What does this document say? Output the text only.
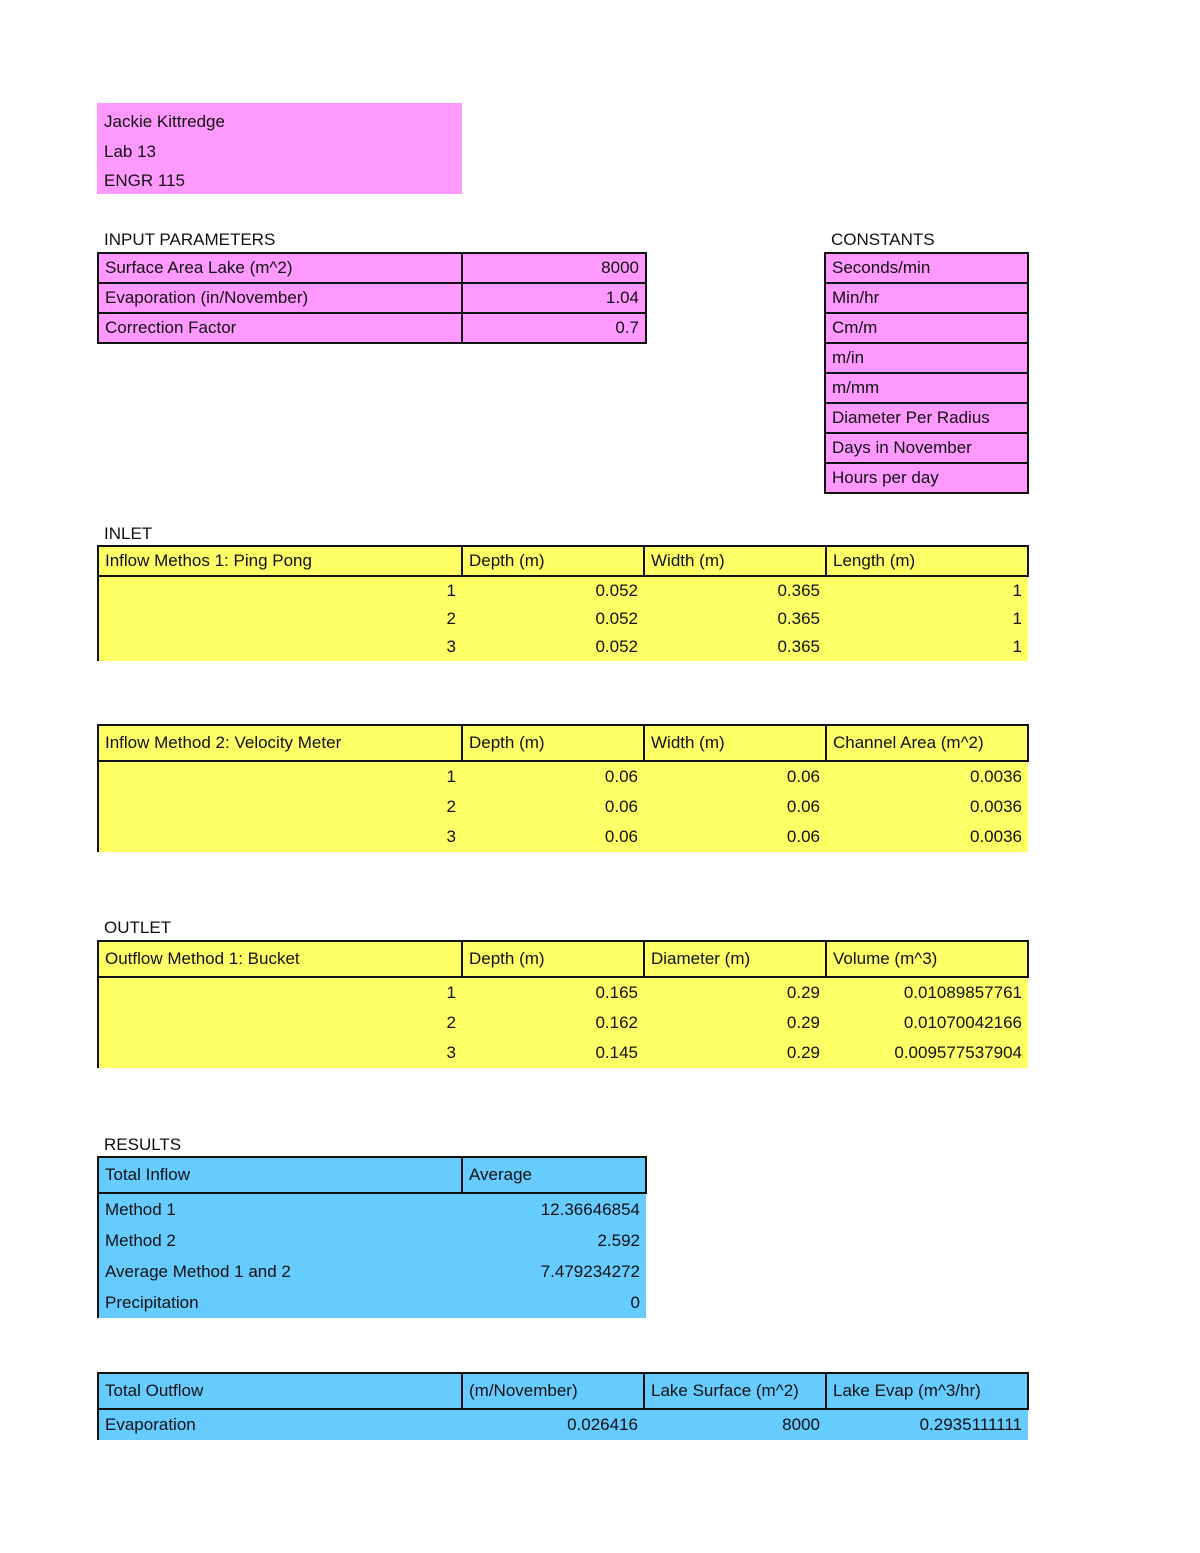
Jackie Kittredge
Lab 13
ENGR 115
INPUT PARAMETERS
Surface Area Lake (m^2)	8000
Evaporation (in/November)	1.04
Correction Factor	0.7
CONSTANTS
Seconds/min
Min/hr
Cm/m
m/in
m/mm
Diameter Per Radius
Days in November
Hours per day
INLET
Inflow Methos 1: Ping Pong	Depth (m)	Width (m)	Length (m)
1	0.052	0.365	1
2	0.052	0.365	1
3	0.052	0.365	1
Inflow Method 2: Velocity Meter	Depth (m)	Width (m)	Channel Area (m^2)
1	0.06	0.06	0.0036
2	0.06	0.06	0.0036
3	0.06	0.06	0.0036
OUTLET
Outflow Method 1: Bucket	Depth (m)	Diameter (m)	Volume (m^3)
1	0.165	0.29	0.01089857761
2	0.162	0.29	0.01070042166
3	0.145	0.29	0.009577537904
RESULTS
Total Inflow	Average
Method 1	12.36646854
Method 2	2.592
Average Method 1 and 2	7.479234272
Precipitation	0
Total Outflow	(m/November)	Lake Surface (m^2)	Lake Evap (m^3/hr)
Evaporation	0.026416	8000	0.2935111111
